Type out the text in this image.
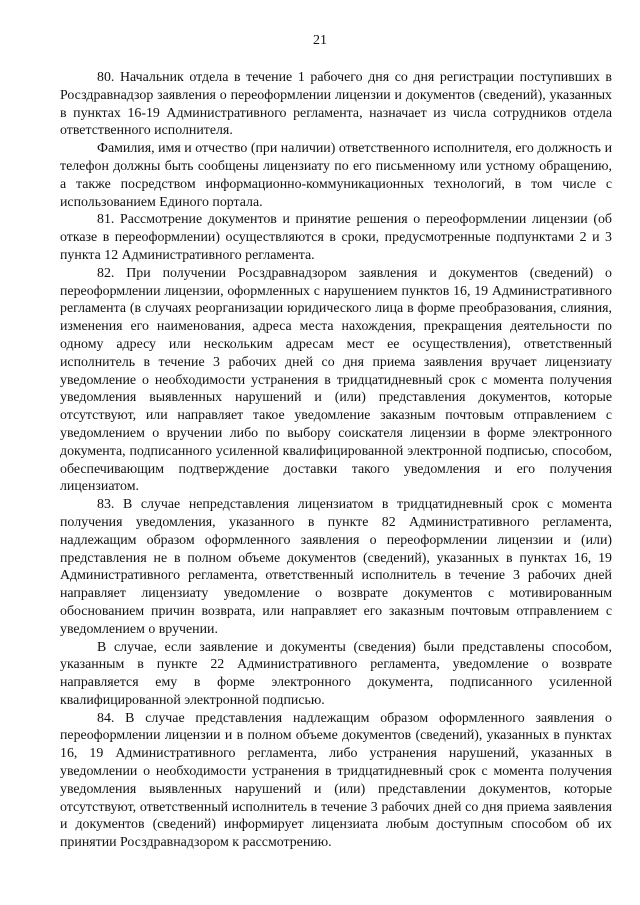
21

80. Начальник отдела в течение 1 рабочего дня со дня регистрации поступивших в Росздравнадзор заявления о переоформлении лицензии и документов (сведений), указанных в пунктах 16-19 Административного регламента, назначает из числа сотрудников отдела ответственного исполнителя.

Фамилия, имя и отчество (при наличии) ответственного исполнителя, его должность и телефон должны быть сообщены лицензиату по его письменному или устному обращению, а также посредством информационно-коммуникационных технологий, в том числе с использованием Единого портала.

81. Рассмотрение документов и принятие решения о переоформлении лицензии (об отказе в переоформлении) осуществляются в сроки, предусмотренные подпунктами 2 и 3 пункта 12 Административного регламента.

82. При получении Росздравнадзором заявления и документов (сведений) о переоформлении лицензии, оформленных с нарушением пунктов 16, 19 Административного регламента (в случаях реорганизации юридического лица в форме преобразования, слияния, изменения его наименования, адреса места нахождения, прекращения деятельности по одному адресу или нескольким адресам мест ее осуществления), ответственный исполнитель в течение 3 рабочих дней со дня приема заявления вручает лицензиату уведомление о необходимости устранения в тридцатидневный срок с момента получения уведомления выявленных нарушений и (или) представления документов, которые отсутствуют, или направляет такое уведомление заказным почтовым отправлением с уведомлением о вручении либо по выбору соискателя лицензии в форме электронного документа, подписанного усиленной квалифицированной электронной подписью, способом, обеспечивающим подтверждение доставки такого уведомления и его получения лицензиатом.

83. В случае непредставления лицензиатом в тридцатидневный срок с момента получения уведомления, указанного в пункте 82 Административного регламента, надлежащим образом оформленного заявления о переоформлении лицензии и (или) представления не в полном объеме документов (сведений), указанных в пунктах 16, 19 Административного регламента, ответственный исполнитель в течение 3 рабочих дней направляет лицензиату уведомление о возврате документов с мотивированным обоснованием причин возврата, или направляет его заказным почтовым отправлением с уведомлением о вручении.

В случае, если заявление и документы (сведения) были представлены способом, указанным в пункте 22 Административного регламента, уведомление о возврате направляется ему в форме электронного документа, подписанного усиленной квалифицированной электронной подписью.

84. В случае представления надлежащим образом оформленного заявления о переоформлении лицензии и в полном объеме документов (сведений), указанных в пунктах 16, 19 Административного регламента, либо устранения нарушений, указанных в уведомлении о необходимости устранения в тридцатидневный срок с момента получения уведомления выявленных нарушений и (или) представлении документов, которые отсутствуют, ответственный исполнитель в течение 3 рабочих дней со дня приема заявления и документов (сведений) информирует лицензиата любым доступным способом об их принятии Росздравнадзором к рассмотрению.
